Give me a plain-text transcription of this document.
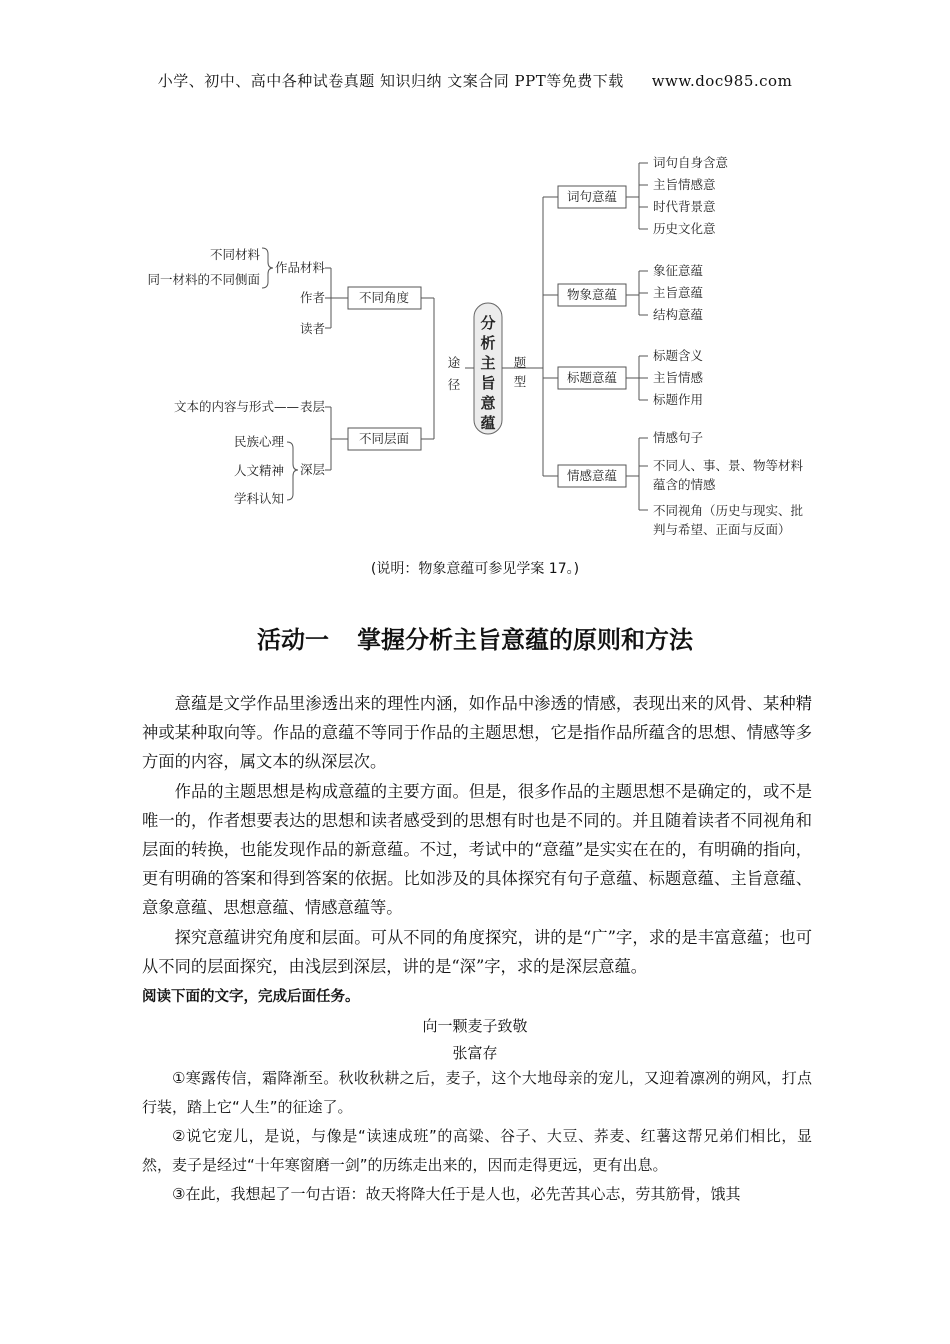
小学、初中、高中各种试卷真题 知识归纳 文案合同 PPT等免费下载 www.doc985.com
分
析
主
旨
意
蕴
途
径
题
型
不同角度
作品材料
作者
读者
不同材料
同一材料的不同侧面
不同层面
表层
文本的内容与形式——
深层
民族心理
人文精神
学科认知
词句意蕴
物象意蕴
标题意蕴
情感意蕴
词句自身含意
主旨情感意
时代背景意
历史文化意
象征意蕴
主旨意蕴
结构意蕴
标题含义
主旨情感
标题作用
情感句子
不同人、事、景、物等材料
蕴含的情感
不同视角（历史与现实、批
判与希望、正面与反面）
(说明：物象意蕴可参见学案 17。)
活动一 掌握分析主旨意蕴的原则和方法

意蕴是文学作品里渗透出来的理性内涵，如作品中渗透的情感，表现出来的风骨、某种精神或某种取向等。作品的意蕴不等同于作品的主题思想，它是指作品所蕴含的思想、情感等多方面的内容，属文本的纵深层次。

作品的主题思想是构成意蕴的主要方面。但是，很多作品的主题思想不是确定的，或不是唯一的，作者想要表达的思想和读者感受到的思想有时也是不同的。并且随着读者不同视角和层面的转换，也能发现作品的新意蕴。不过，考试中的“意蕴”是实实在在的，有明确的指向，更有明确的答案和得到答案的依据。比如涉及的具体探究有句子意蕴、标题意蕴、主旨意蕴、意象意蕴、思想意蕴、情感意蕴等。

探究意蕴讲究角度和层面。可从不同的角度探究，讲的是“广”字，求的是丰富意蕴；也可从不同的层面探究，由浅层到深层，讲的是“深”字，求的是深层意蕴。

阅读下面的文字，完成后面任务。
向一颗麦子致敬
张富存

①寒露传信，霜降渐至。秋收秋耕之后，麦子，这个大地母亲的宠儿，又迎着凛冽的朔风，打点行装，踏上它“人生”的征途了。

②说它宠儿，是说，与像是“读速成班”的高粱、谷子、大豆、荞麦、红薯这帮兄弟们相比，显然，麦子是经过“十年寒窗磨一剑”的历练走出来的，因而走得更远，更有出息。

③在此，我想起了一句古语：故天将降大任于是人也，必先苦其心志，劳其筋骨，饿其
